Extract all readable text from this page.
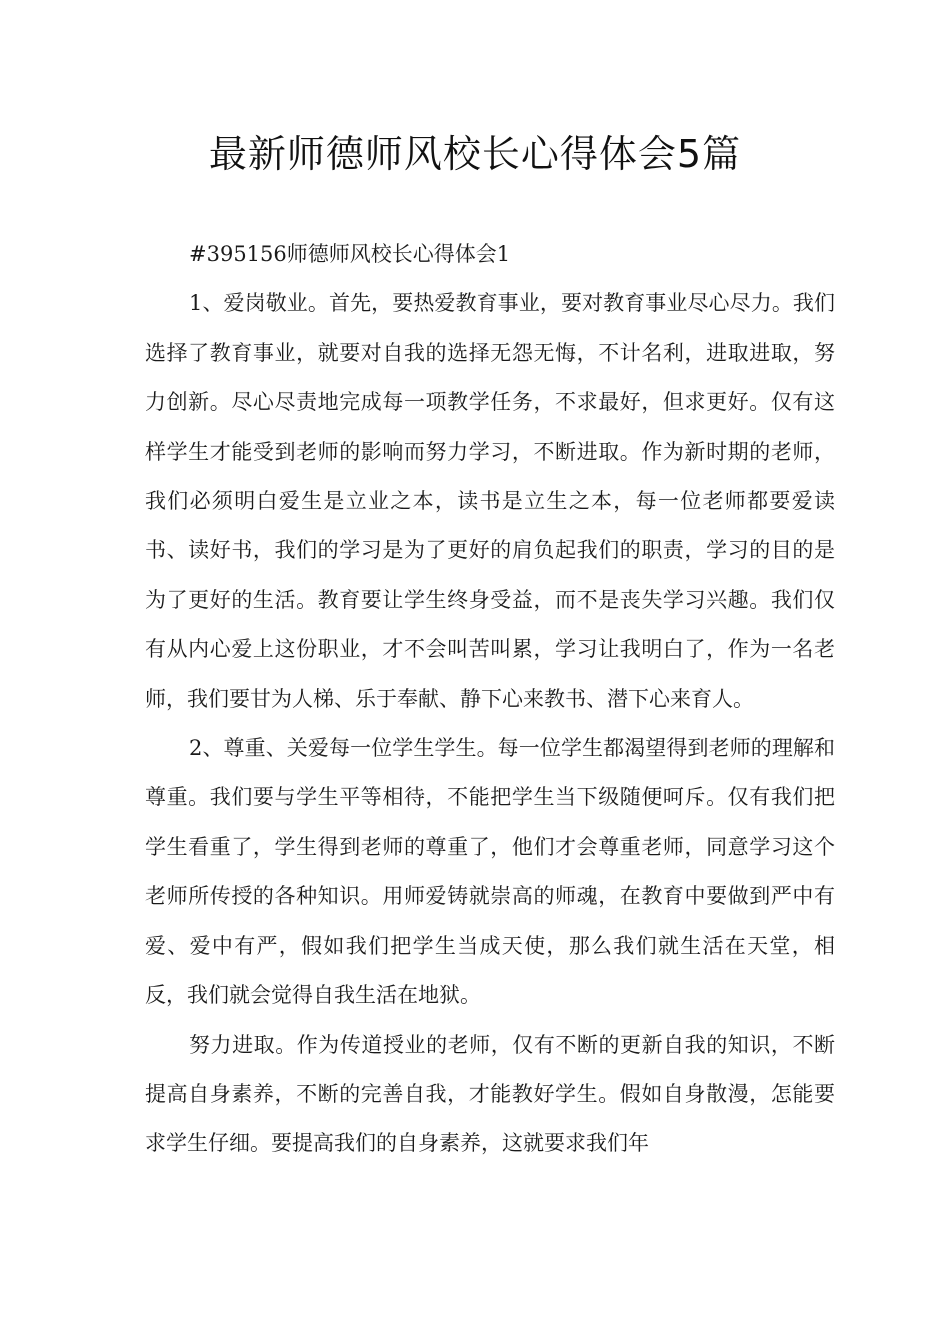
最新师德师风校长心得体会5篇

#395156师德师风校长心得体会1

1、爱岗敬业。首先，要热爱教育事业，要对教育事业尽心尽力。我们选择了教育事业，就要对自我的选择无怨无悔，不计名利，进取进取，努力创新。尽心尽责地完成每一项教学任务，不求最好，但求更好。仅有这样学生才能受到老师的影响而努力学习，不断进取。作为新时期的老师，我们必须明白爱生是立业之本，读书是立生之本，每一位老师都要爱读书、读好书，我们的学习是为了更好的肩负起我们的职责，学习的目的是为了更好的生活。教育要让学生终身受益，而不是丧失学习兴趣。我们仅有从内心爱上这份职业，才不会叫苦叫累，学习让我明白了，作为一名老师，我们要甘为人梯、乐于奉献、静下心来教书、潜下心来育人。

2、尊重、关爱每一位学生学生。每一位学生都渴望得到老师的理解和尊重。我们要与学生平等相待，不能把学生当下级随便呵斥。仅有我们把学生看重了，学生得到老师的尊重了，他们才会尊重老师，同意学习这个老师所传授的各种知识。用师爱铸就崇高的师魂，在教育中要做到严中有爱、爱中有严，假如我们把学生当成天使，那么我们就生活在天堂，相反，我们就会觉得自我生活在地狱。

努力进取。作为传道授业的老师，仅有不断的更新自我的知识，不断提高自身素养，不断的完善自我，才能教好学生。假如自身散漫，怎能要求学生仔细。要提高我们的自身素养，这就要求我们年
